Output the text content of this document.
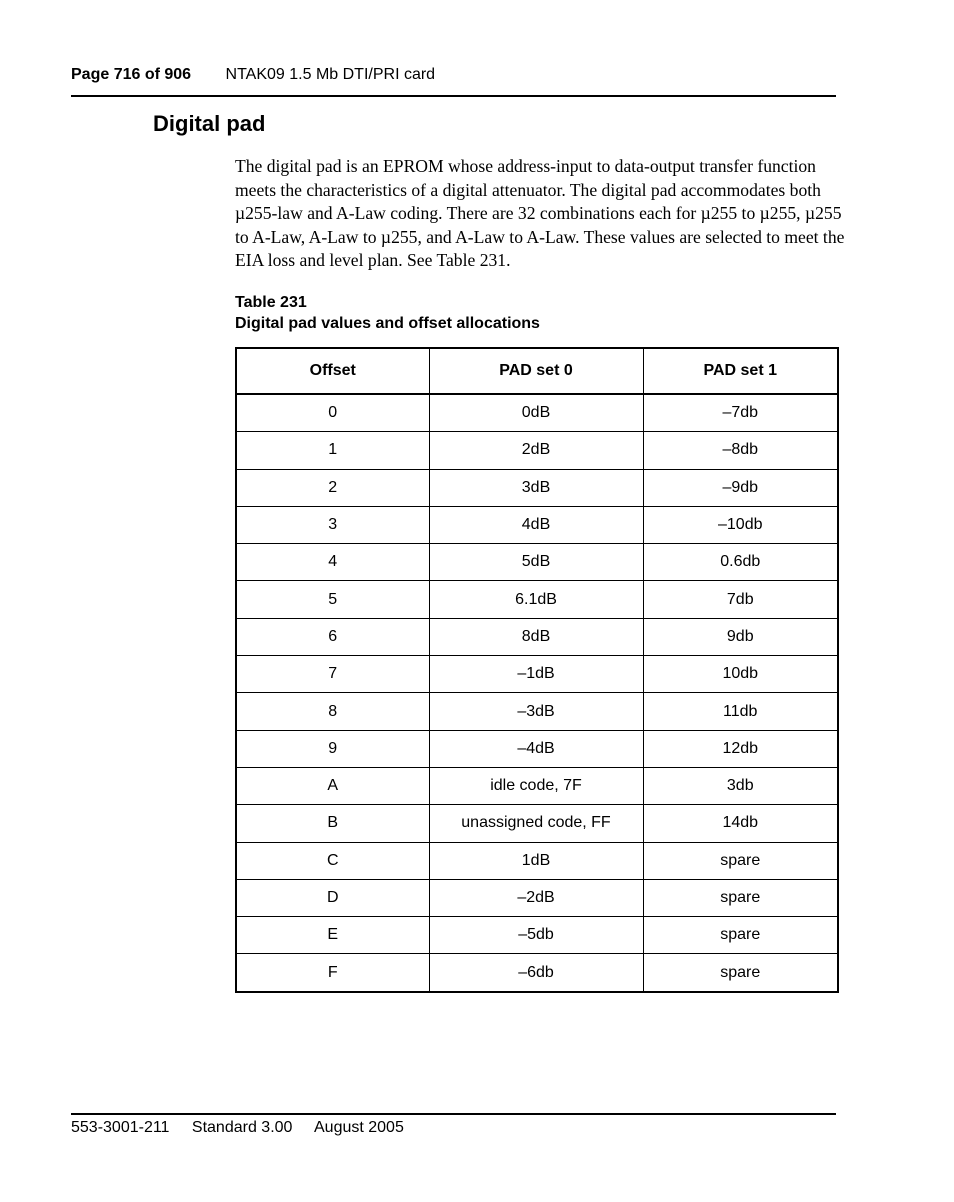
Page 716 of 906 NTAK09 1.5 Mb DTI/PRI card
Digital pad

The digital pad is an EPROM whose address-input to data-output transfer function meets the characteristics of a digital attenuator. The digital pad accommodates both µ255-law and A-Law coding. There are 32 combinations each for µ255 to µ255, µ255 to A-Law, A-Law to µ255, and A-Law to A-Law. These values are selected to meet the EIA loss and level plan. See Table 231.

Table 231
Digital pad values and offset allocations
Offset	PAD set 0	PAD set 1
0	0dB	–7db
1	2dB	–8db
2	3dB	–9db
3	4dB	–10db
4	5dB	0.6db
5	6.1dB	7db
6	8dB	9db
7	–1dB	10db
8	–3dB	11db
9	–4dB	12db
A	idle code, 7F	3db
B	unassigned code, FF	14db
C	1dB	spare
D	–2dB	spare
E	–5db	spare
F	–6db	spare
553-3001-211 Standard 3.00 August 2005
